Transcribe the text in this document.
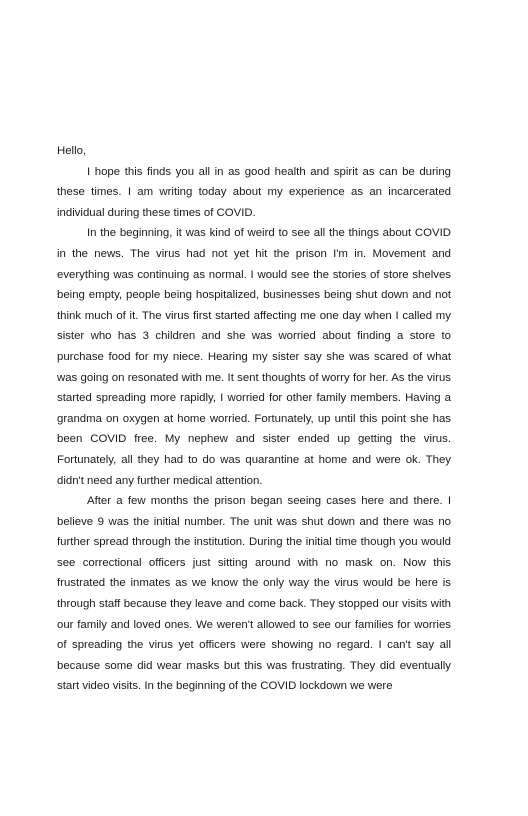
Hello,

I hope this finds you all in as good health and spirit as can be during these times. I am writing today about my experience as an incarcerated individual during these times of COVID.

In the beginning, it was kind of weird to see all the things about COVID in the news. The virus had not yet hit the prison I'm in. Movement and everything was continuing as normal. I would see the stories of store shelves being empty, people being hospitalized, businesses being shut down and not think much of it. The virus first started affecting me one day when I called my sister who has 3 children and she was worried about finding a store to purchase food for my niece. Hearing my sister say she was scared of what was going on resonated with me. It sent thoughts of worry for her. As the virus started spreading more rapidly, I worried for other family members. Having a grandma on oxygen at home worried. Fortunately, up until this point she has been COVID free. My nephew and sister ended up getting the virus. Fortunately, all they had to do was quarantine at home and were ok. They didn't need any further medical attention.

After a few months the prison began seeing cases here and there. I believe 9 was the initial number. The unit was shut down and there was no further spread through the institution. During the initial time though you would see correctional officers just sitting around with no mask on. Now this frustrated the inmates as we know the only way the virus would be here is through staff because they leave and come back. They stopped our visits with our family and loved ones. We weren't allowed to see our families for worries of spreading the virus yet officers were showing no regard. I can't say all because some did wear masks but this was frustrating. They did eventually start video visits. In the beginning of the COVID lockdown we were
